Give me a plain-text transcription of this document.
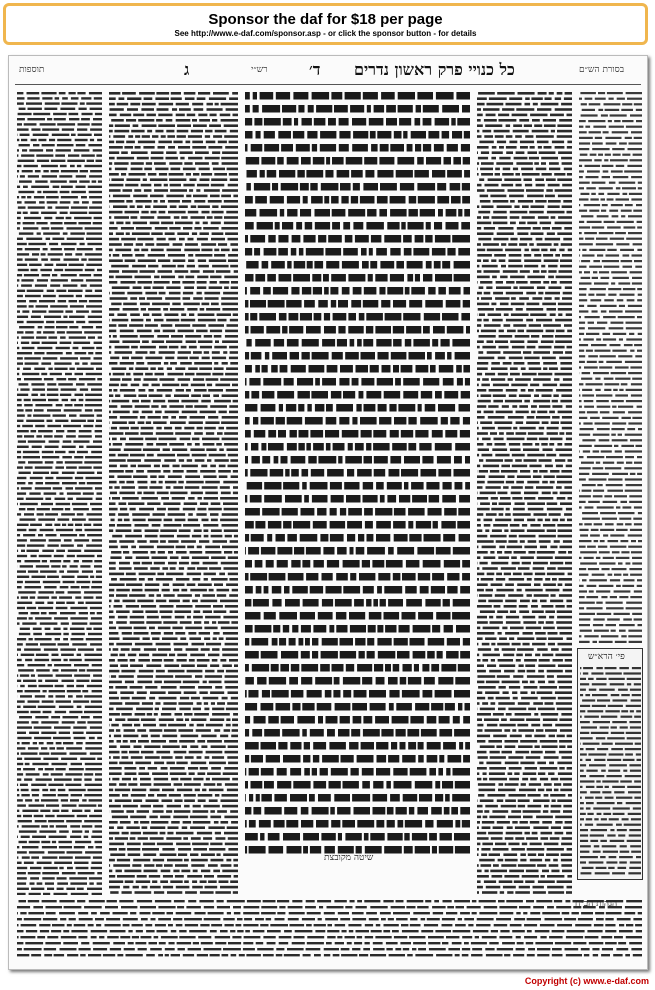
Sponsor the daf for $18 per page
See http://www.e-daf.com/sponsor.asp - or click the sponsor button - for details
תוספות	רש״י	ד׳ כל כנויי פרק ראשון נדרים
ג	בסורת הש״ם
שיטה מקובצת
פי׳ הרא״ש
הגהות הב״ח
Copyright (c) www.e-daf.com
